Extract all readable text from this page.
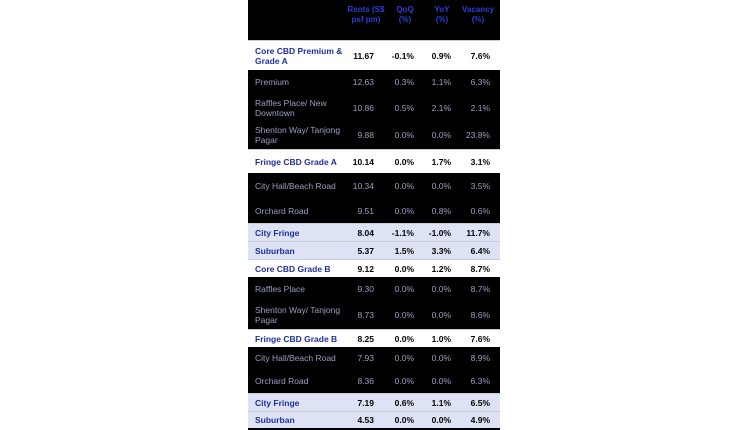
Rents (S$ psf pm)
QoQ (%)
YoY (%)
Vacancy (%)
Core CBD Premium & Grade A	11.67 -0.1% 0.9% 7.6%
Premium	12.63 0.3% 1.1% 6.3%
Raffles Place/ New Downtown	10.86 0.5% 2.1% 2.1%
Shenton Way/ Tanjong Pagar	9.88 0.0% 0.0% 23.8%
Fringe CBD Grade A	10.14 0.0% 1.7% 3.1%
City Hall/Beach Road	10.34 0.0% 0.0% 3.5%
Orchard Road	9.51 0.0% 0.8% 0.6%
City Fringe	8.04 -1.1% -1.0% 11.7%
Suburban	5.37 1.5% 3.3% 6.4%
Core CBD Grade B	9.12 0.0% 1.2% 8.7%
Raffles Place	9.30 0.0% 0.0% 8.7%
Shenton Way/ Tanjong Pagar	8.73 0.0% 0.0% 8.6%
Fringe CBD Grade B	8.25 0.0% 1.0% 7.6%
City Hall/Beach Road	7.93 0.0% 0.0% 8.9%
Orchard Road	8.36 0.0% 0.0% 6.3%
City Fringe	7.19 0.6% 1.1% 6.5%
Suburban	4.53 0.0% 0.0% 4.9%
